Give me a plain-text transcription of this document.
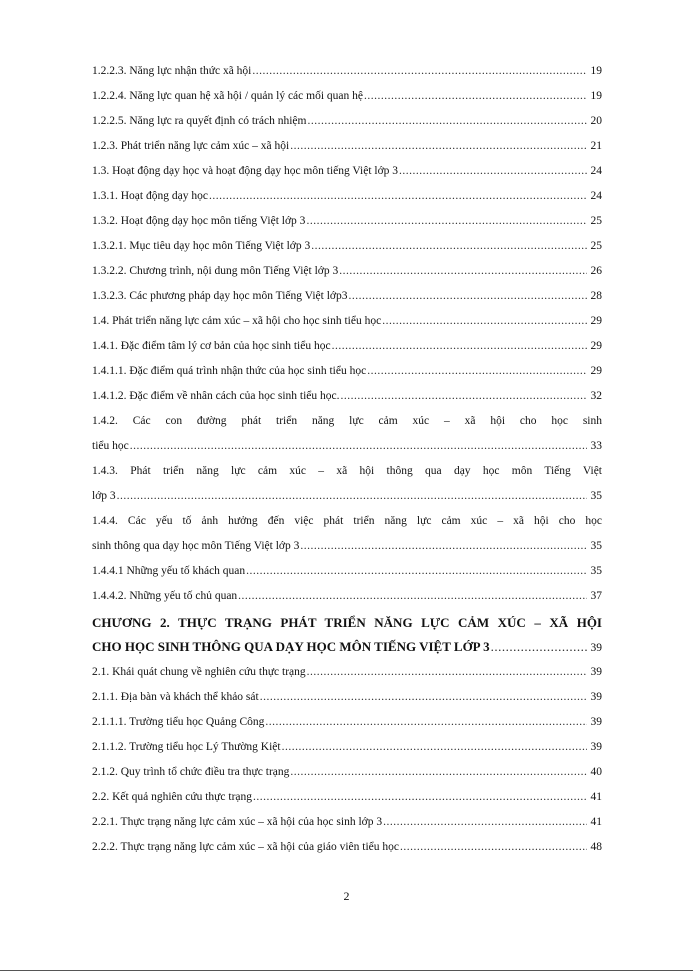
1.2.2.3. Năng lực nhận thức xã hội .....	19
1.2.2.4. Năng lực quan hệ xã hội / quản lý các mối quan hệ .....	19
1.2.2.5. Năng lực ra quyết định có trách nhiệm .....	20
1.2.3. Phát triển năng lực cảm xúc – xã hội .....	21
1.3. Hoạt động dạy học và hoạt động dạy học môn tiếng Việt lớp 3 .....	24
1.3.1. Hoạt động dạy học .....	24
1.3.2. Hoạt động dạy học môn tiếng Việt lớp 3 .....	25
1.3.2.1. Mục tiêu dạy học môn Tiếng Việt lớp 3 .....	25
1.3.2.2. Chương trình, nội dung môn Tiếng Việt lớp 3 .....	26
1.3.2.3. Các phương pháp dạy học môn Tiếng Việt lớp3 .....	28
1.4. Phát triển năng lực cảm xúc – xã hội cho học sinh tiểu học .....	29
1.4.1. Đặc điểm tâm lý cơ bản của học sinh tiểu học .....	29
1.4.1.1. Đặc điểm quá trình nhận thức của học sinh tiểu học .....	29
1.4.1.2. Đặc điểm về nhân cách của học sinh tiểu học. .....	32
1.4.2. Các con đường phát triển năng lực cảm xúc – xã hội cho học sinh
tiểu học .....	33
1.4.3. Phát triển năng lực cảm xúc – xã hội thông qua dạy học môn Tiếng Việt
lớp 3 .....	35
1.4.4. Các yếu tố ảnh hưởng đến việc phát triển năng lực cảm xúc – xã hội cho học
sinh thông qua dạy học môn Tiếng Việt lớp 3 .....	35
1.4.4.1 Những yếu tố khách quan .....	35
1.4.4.2. Những yếu tố chủ quan .....	37
CHƯƠNG 2. THỰC TRẠNG PHÁT TRIỂN NĂNG LỰC CẢM XÚC – XÃ HỘI
CHO HỌC SINH THÔNG QUA DẠY HỌC MÔN TIẾNG VIỆT LỚP 3 .....	39
2.1. Khái quát chung về nghiên cứu thực trạng .....	39
2.1.1. Địa bàn và khách thể khảo sát .....	39
2.1.1.1. Trường tiểu học Quảng Công .....	39
2.1.1.2. Trường tiểu học Lý Thường Kiệt .....	39
2.1.2. Quy trình tổ chức điều tra thực trạng .....	40
2.2. Kết quả nghiên cứu thực trạng .....	41
2.2.1. Thực trạng năng lực cảm xúc – xã hội của học sinh lớp 3 .....	41
2.2.2. Thực trạng năng lực cảm xúc – xã hội của giáo viên tiểu học .....	48
2
